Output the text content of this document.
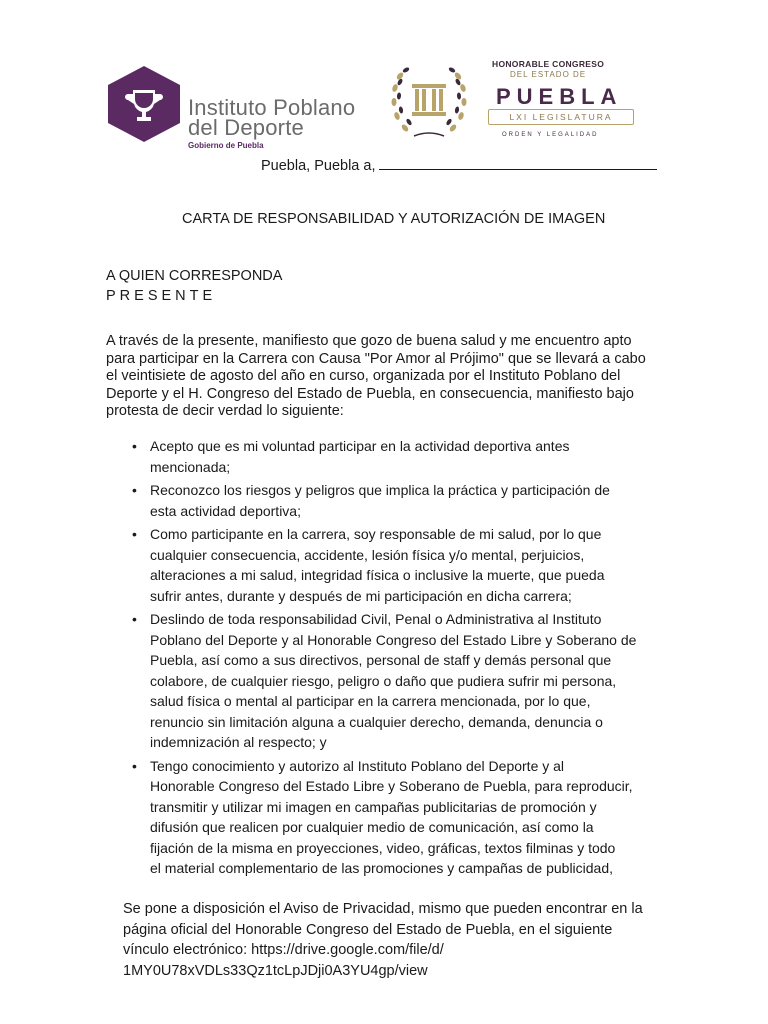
Instituto Poblano
del Deporte
Gobierno de Puebla
HONORABLE CONGRESO
DEL ESTADO DE
PUEBLA
LXI LEGISLATURA
ORDEN Y LEGALIDAD
Puebla, Puebla a,
CARTA DE RESPONSABILIDAD Y AUTORIZACIÓN DE IMAGEN
A QUIEN CORRESPONDA
PRESENTE
A través de la presente, manifiesto que gozo de buena salud y me encuentro apto
para participar en la Carrera con Causa "Por Amor al Prójimo" que se llevará a cabo
el veintisiete de agosto del año en curso, organizada por el Instituto Poblano del
Deporte y el H. Congreso del Estado de Puebla, en consecuencia, manifiesto bajo
protesta de decir verdad lo siguiente:
• Acepto que es mi voluntad participar en la actividad deportiva antes
mencionada;
• Reconozco los riesgos y peligros que implica la práctica y participación de
esta actividad deportiva;
• Como participante en la carrera, soy responsable de mi salud, por lo que
cualquier consecuencia, accidente, lesión física y/o mental, perjuicios,
alteraciones a mi salud, integridad física o inclusive la muerte, que pueda
sufrir antes, durante y después de mi participación en dicha carrera;
• Deslindo de toda responsabilidad Civil, Penal o Administrativa al Instituto
Poblano del Deporte y al Honorable Congreso del Estado Libre y Soberano de
Puebla, así como a sus directivos, personal de staff y demás personal que
colabore, de cualquier riesgo, peligro o daño que pudiera sufrir mi persona,
salud física o mental al participar en la carrera mencionada, por lo que,
renuncio sin limitación alguna a cualquier derecho, demanda, denuncia o
indemnización al respecto; y
• Tengo conocimiento y autorizo al Instituto Poblano del Deporte y al
Honorable Congreso del Estado Libre y Soberano de Puebla, para reproducir,
transmitir y utilizar mi imagen en campañas publicitarias de promoción y
difusión que realicen por cualquier medio de comunicación, así como la
fijación de la misma en proyecciones, video, gráficas, textos filminas y todo
el material complementario de las promociones y campañas de publicidad,
Se pone a disposición el Aviso de Privacidad, mismo que pueden encontrar en la
página oficial del Honorable Congreso del Estado de Puebla, en el siguiente
vínculo electrónico: https://drive.google.com/file/d/
1MY0U78xVDLs33Qz1tcLpJDji0A3YU4gp/view
